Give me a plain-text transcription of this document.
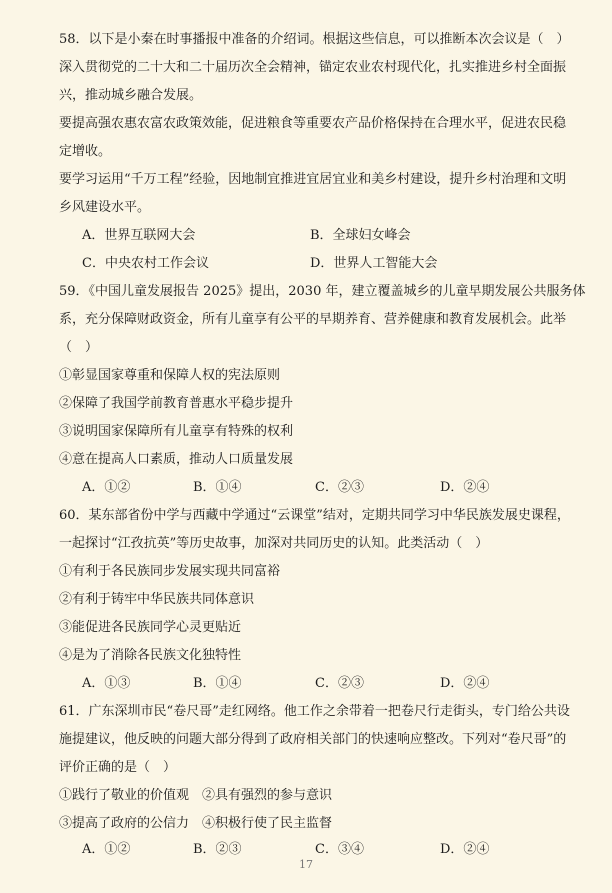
58．以下是小秦在时事播报中准备的介绍词。根据这些信息，可以推断本次会议是（　）
深入贯彻党的二十大和二十届历次全会精神，锚定农业农村现代化，扎实推进乡村全面振
兴，推动城乡融合发展。
要提高强农惠农富农政策效能，促进粮食等重要农产品价格保持在合理水平，促进农民稳
定增收。
要学习运用“千万工程”经验，因地制宜推进宜居宜业和美乡村建设，提升乡村治理和文明
乡风建设水平。
A．世界互联网大会	B．全球妇女峰会
C．中央农村工作会议	D．世界人工智能大会
59．《中国儿童发展报告 2025》提出，2030 年，建立覆盖城乡的儿童早期发展公共服务体
系，充分保障财政资金，所有儿童享有公平的早期养育、营养健康和教育发展机会。此举
（　）
①彰显国家尊重和保障人权的宪法原则
②保障了我国学前教育普惠水平稳步提升
③说明国家保障所有儿童享有特殊的权利
④意在提高人口素质，推动人口质量发展
A．①②	B．①④	C．②③	D．②④
60．某东部省份中学与西藏中学通过“云课堂”结对，定期共同学习中华民族发展史课程，
一起探讨“江孜抗英”等历史故事，加深对共同历史的认知。此类活动（　）
①有利于各民族同步发展实现共同富裕
②有利于铸牢中华民族共同体意识
③能促进各民族同学心灵更贴近
④是为了消除各民族文化独特性
A．①③	B．①④	C．②③	D．②④
61．广东深圳市民“卷尺哥”走红网络。他工作之余带着一把卷尺行走街头，专门给公共设
施提建议，他反映的问题大部分得到了政府相关部门的快速响应整改。下列对“卷尺哥”的
评价正确的是（　）
①践行了敬业的价值观　②具有强烈的参与意识
③提高了政府的公信力　④积极行使了民主监督
A．①②	B．②③	C．③④	D．②④
17
